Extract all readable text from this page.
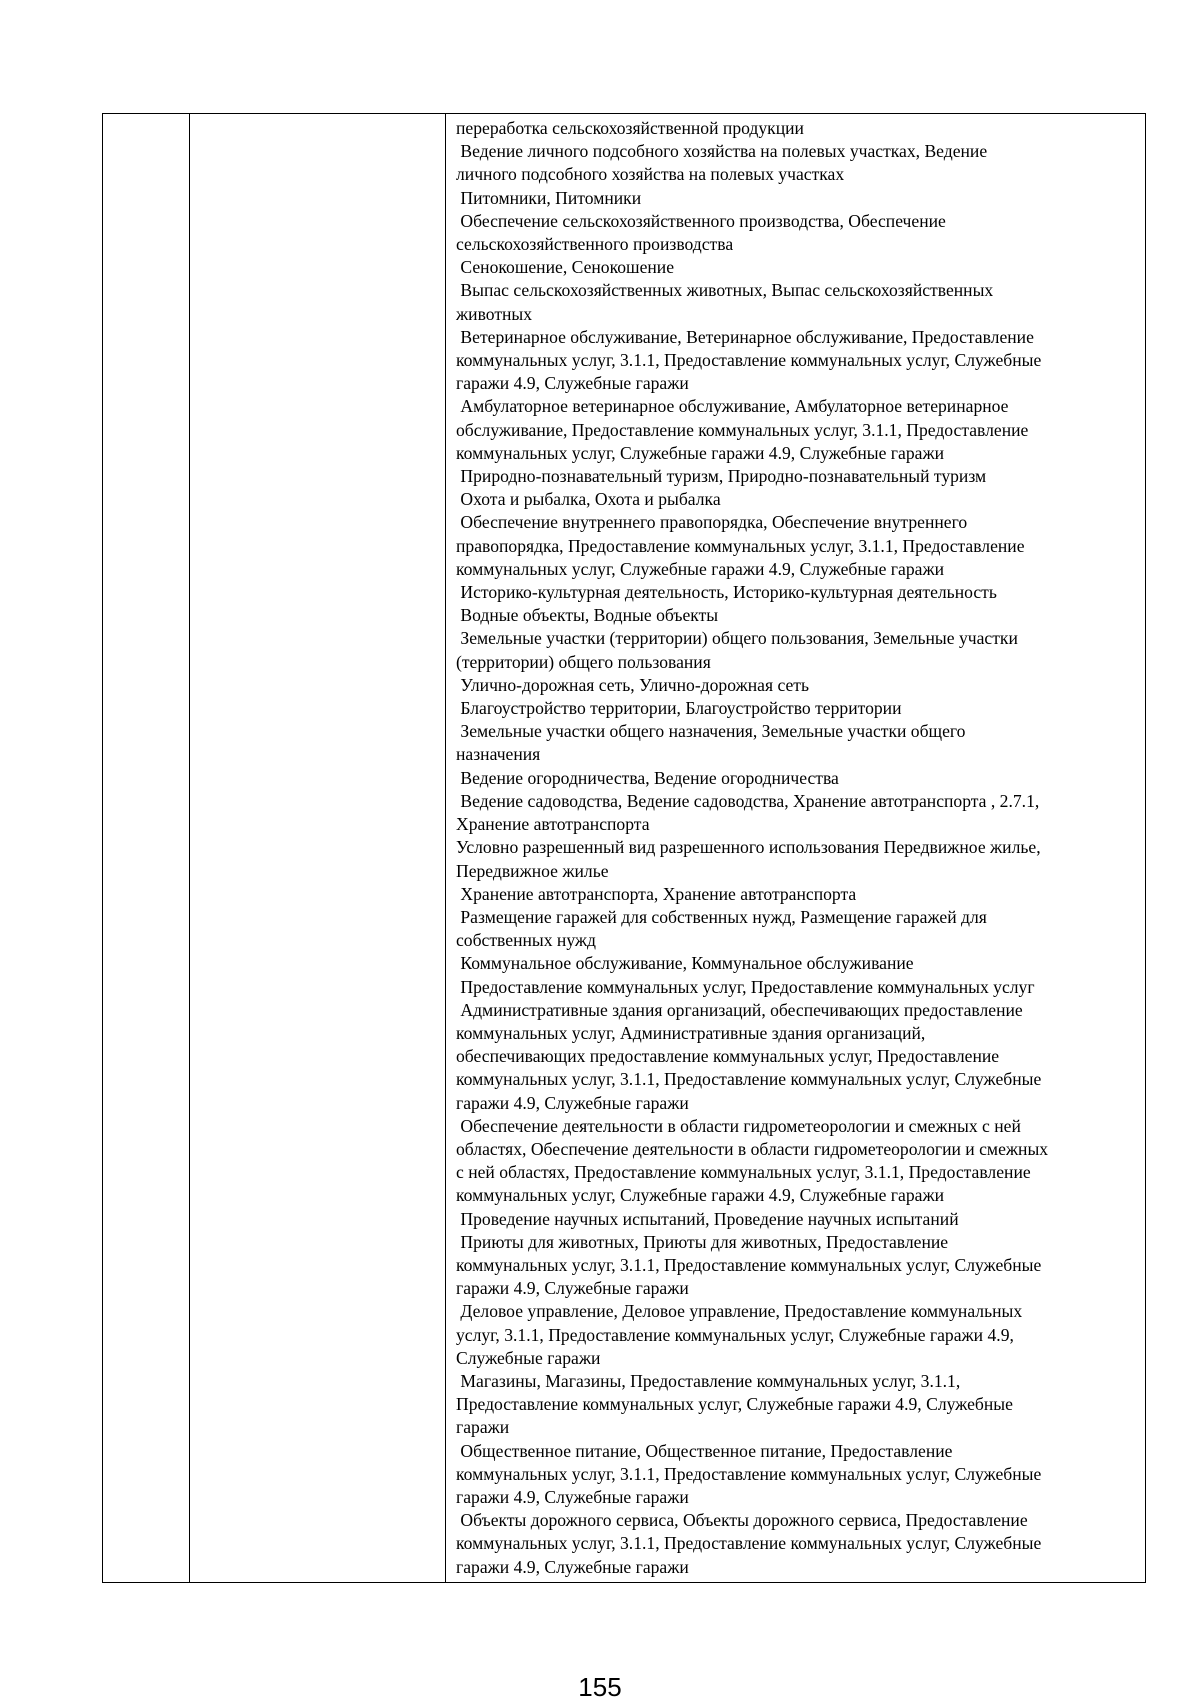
переработка сельскохозяйственной продукции
Ведение личного подсобного хозяйства на полевых участках, Ведение
личного подсобного хозяйства на полевых участках
Питомники, Питомники
Обеспечение сельскохозяйственного производства, Обеспечение
сельскохозяйственного производства
Сенокошение, Сенокошение
Выпас сельскохозяйственных животных, Выпас сельскохозяйственных
животных
Ветеринарное обслуживание, Ветеринарное обслуживание, Предоставление
коммунальных услуг, 3.1.1, Предоставление коммунальных услуг, Служебные
гаражи 4.9, Служебные гаражи
Амбулаторное ветеринарное обслуживание, Амбулаторное ветеринарное
обслуживание, Предоставление коммунальных услуг, 3.1.1, Предоставление
коммунальных услуг, Служебные гаражи 4.9, Служебные гаражи
Природно-познавательный туризм, Природно-познавательный туризм
Охота и рыбалка, Охота и рыбалка
Обеспечение внутреннего правопорядка, Обеспечение внутреннего
правопорядка, Предоставление коммунальных услуг, 3.1.1, Предоставление
коммунальных услуг, Служебные гаражи 4.9, Служебные гаражи
Историко-культурная деятельность, Историко-культурная деятельность
Водные объекты, Водные объекты
Земельные участки (территории) общего пользования, Земельные участки
(территории) общего пользования
Улично-дорожная сеть, Улично-дорожная сеть
Благоустройство территории, Благоустройство территории
Земельные участки общего назначения, Земельные участки общего
назначения
Ведение огородничества, Ведение огородничества
Ведение садоводства, Ведение садоводства, Хранение автотранспорта , 2.7.1,
Хранение автотранспорта
Условно разрешенный вид разрешенного использования Передвижное жилье,
Передвижное жилье
Хранение автотранспорта, Хранение автотранспорта
Размещение гаражей для собственных нужд, Размещение гаражей для
собственных нужд
Коммунальное обслуживание, Коммунальное обслуживание
Предоставление коммунальных услуг, Предоставление коммунальных услуг
Административные здания организаций, обеспечивающих предоставление
коммунальных услуг, Административные здания организаций,
обеспечивающих предоставление коммунальных услуг, Предоставление
коммунальных услуг, 3.1.1, Предоставление коммунальных услуг, Служебные
гаражи 4.9, Служебные гаражи
Обеспечение деятельности в области гидрометеорологии и смежных с ней
областях, Обеспечение деятельности в области гидрометеорологии и смежных
с ней областях, Предоставление коммунальных услуг, 3.1.1, Предоставление
коммунальных услуг, Служебные гаражи 4.9, Служебные гаражи
Проведение научных испытаний, Проведение научных испытаний
Приюты для животных, Приюты для животных, Предоставление
коммунальных услуг, 3.1.1, Предоставление коммунальных услуг, Служебные
гаражи 4.9, Служебные гаражи
Деловое управление, Деловое управление, Предоставление коммунальных
услуг, 3.1.1, Предоставление коммунальных услуг, Служебные гаражи 4.9,
Служебные гаражи
Магазины, Магазины, Предоставление коммунальных услуг, 3.1.1,
Предоставление коммунальных услуг, Служебные гаражи 4.9, Служебные
гаражи
Общественное питание, Общественное питание, Предоставление
коммунальных услуг, 3.1.1, Предоставление коммунальных услуг, Служебные
гаражи 4.9, Служебные гаражи
Объекты дорожного сервиса, Объекты дорожного сервиса, Предоставление
коммунальных услуг, 3.1.1, Предоставление коммунальных услуг, Служебные
гаражи 4.9, Служебные гаражи
155
